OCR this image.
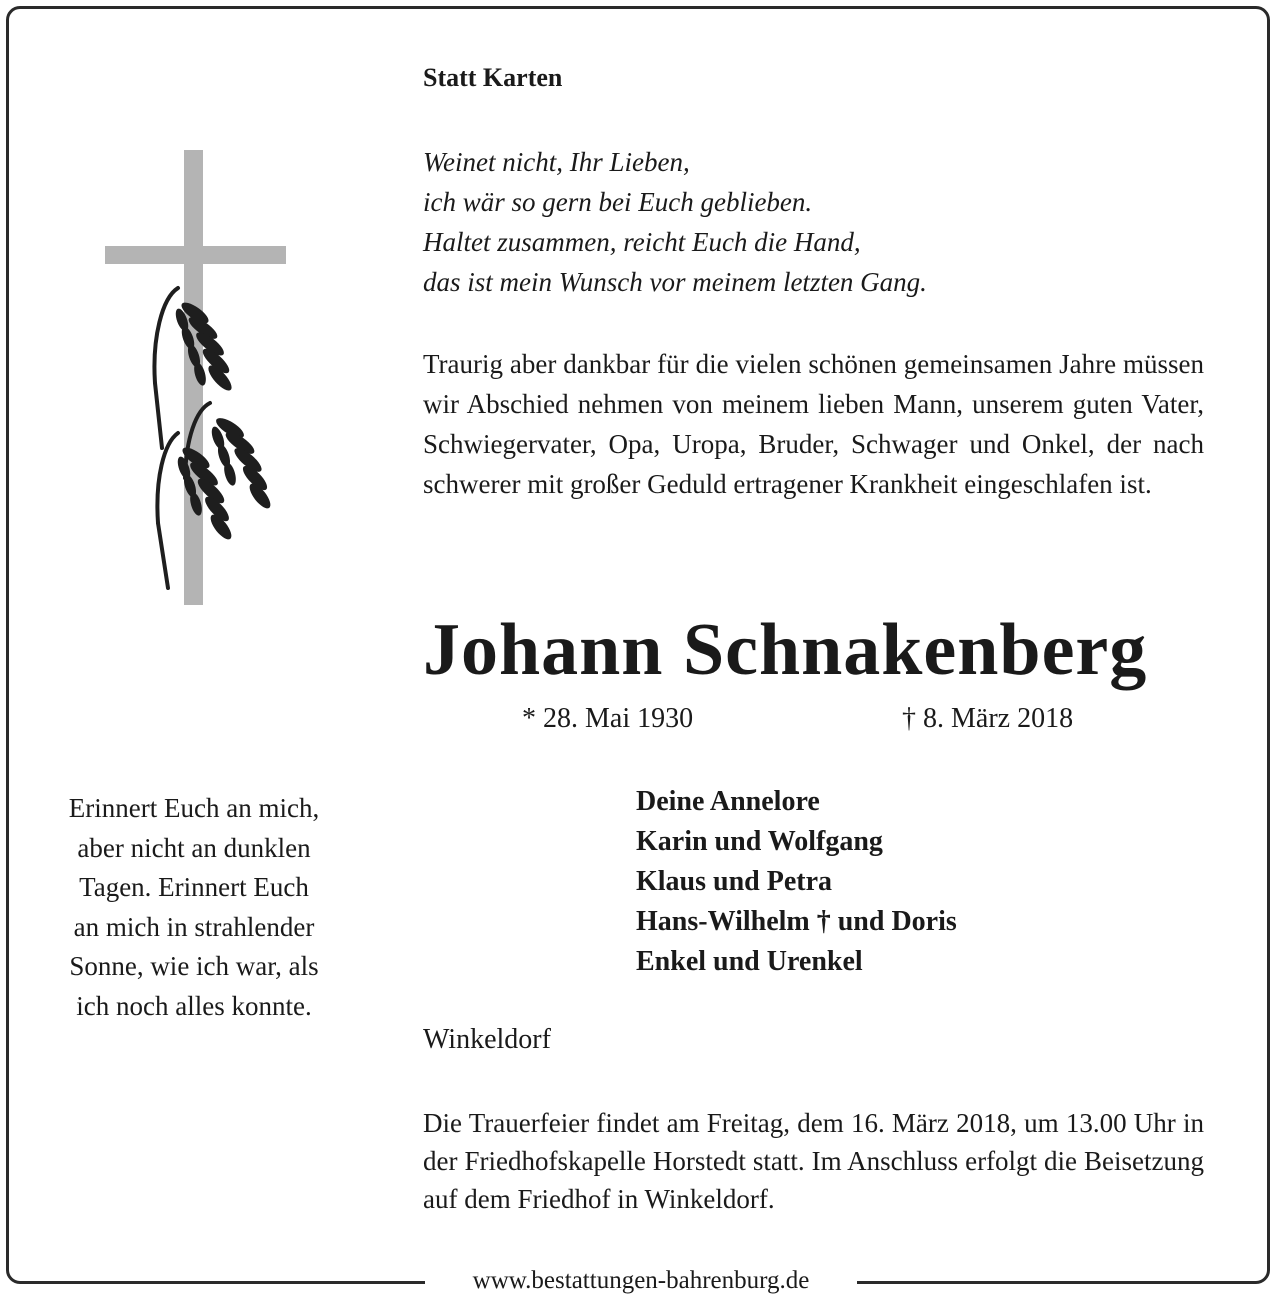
www.bestattungen-bahrenburg.de
Statt Karten
Weinet nicht, Ihr Lieben,
ich wär so gern bei Euch geblieben.
Haltet zusammen, reicht Euch die Hand,
das ist mein Wunsch vor meinem letzten Gang.
Traurig aber dankbar für die vielen schönen gemeinsamen Jahre müssen wir Abschied nehmen von meinem lieben Mann, unserem guten Vater, Schwiegervater, Opa, Uropa, Bruder, Schwager und Onkel, der nach schwerer mit großer Geduld ertragener Krankheit eingeschlafen ist.
Johann Schnakenberg
* 28. Mai 1930	† 8. März 2018
Deine Annelore
Karin und Wolfgang
Klaus und Petra
Hans-Wilhelm † und Doris
Enkel und Urenkel
Winkeldorf
Die Trauerfeier findet am Freitag, dem 16. März 2018, um 13.00 Uhr in der Friedhofskapelle Horstedt statt. Im Anschluss erfolgt die Beisetzung auf dem Friedhof in Winkeldorf.
Erinnert Euch an mich,
aber nicht an dunklen
Tagen. Erinnert Euch
an mich in strahlender
Sonne, wie ich war, als
ich noch alles konnte.
